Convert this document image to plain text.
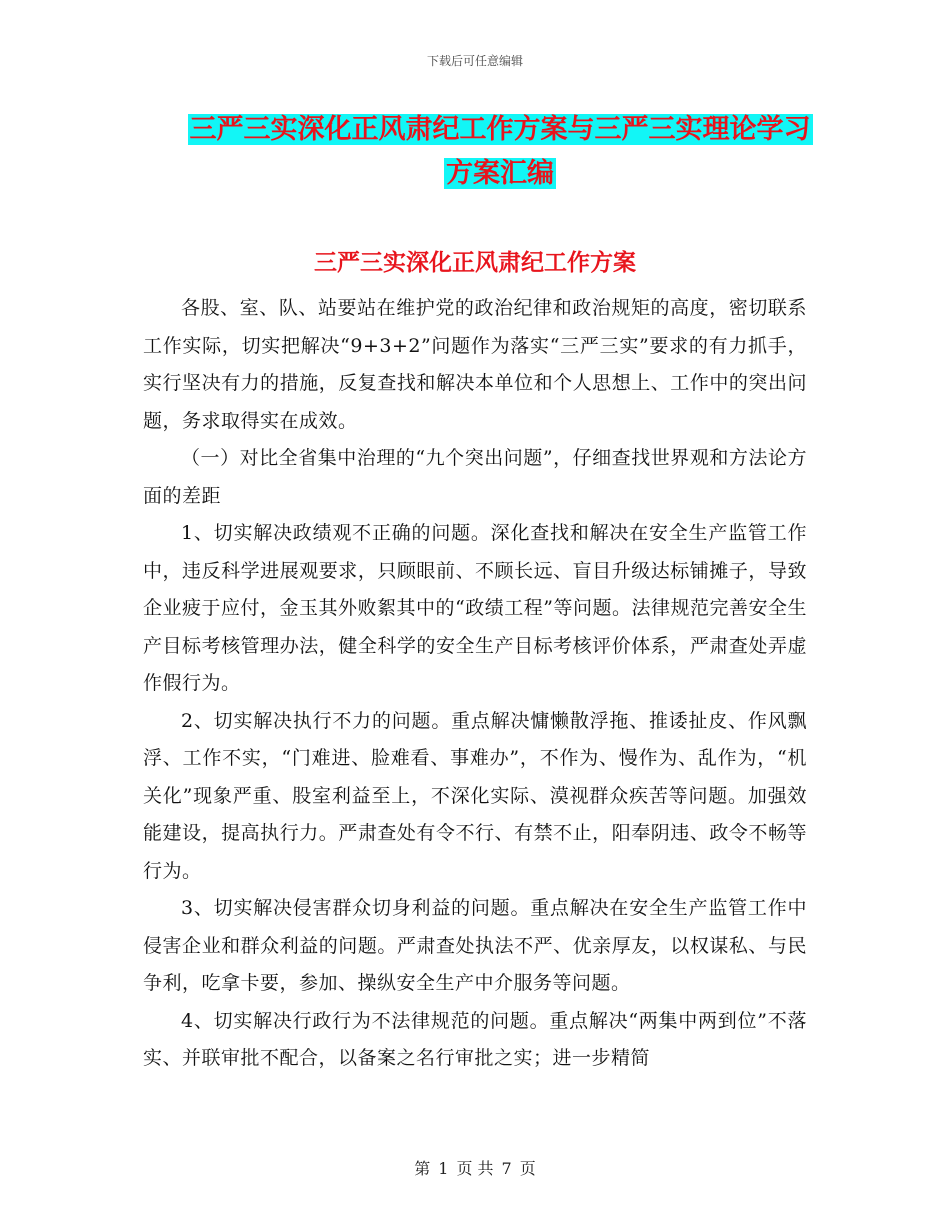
下载后可任意编辑
三严三实深化正风肃纪工作方案与三严三实理论学习
方案汇编
三严三实深化正风肃纪工作方案

各股、室、队、站要站在维护党的政治纪律和政治规矩的高度，密切联系工作实际，切实把解决“9+3+2”问题作为落实“三严三实”要求的有力抓手，实行坚决有力的措施，反复查找和解决本单位和个人思想上、工作中的突出问题，务求取得实在成效。

（一）对比全省集中治理的“九个突出问题”，仔细查找世界观和方法论方面的差距

1、切实解决政绩观不正确的问题。深化查找和解决在安全生产监管工作中，违反科学进展观要求，只顾眼前、不顾长远、盲目升级达标铺摊子，导致企业疲于应付，金玉其外败絮其中的“政绩工程”等问题。法律规范完善安全生产目标考核管理办法，健全科学的安全生产目标考核评价体系，严肃查处弄虚作假行为。

2、切实解决执行不力的问题。重点解决慵懒散浮拖、推诿扯皮、作风飘浮、工作不实，“门难进、脸难看、事难办”，不作为、慢作为、乱作为，“机关化”现象严重、股室利益至上，不深化实际、漠视群众疾苦等问题。加强效能建设，提高执行力。严肃查处有令不行、有禁不止，阳奉阴违、政令不畅等行为。

3、切实解决侵害群众切身利益的问题。重点解决在安全生产监管工作中侵害企业和群众利益的问题。严肃查处执法不严、优亲厚友，以权谋私、与民争利，吃拿卡要，参加、操纵安全生产中介服务等问题。

4、切实解决行政行为不法律规范的问题。重点解决“两集中两到位”不落实、并联审批不配合，以备案之名行审批之实；进一步精简

第 1 页 共 7 页
